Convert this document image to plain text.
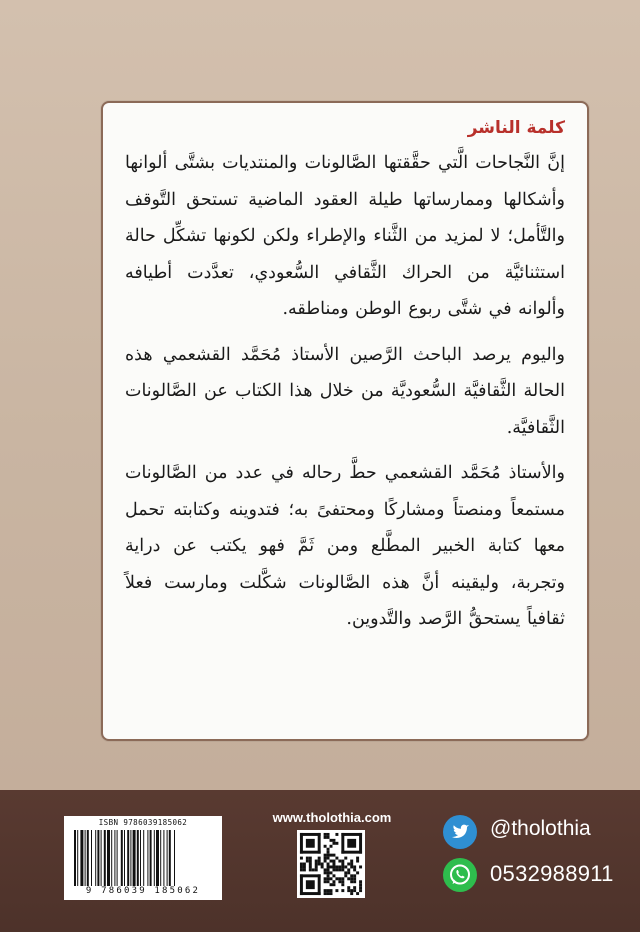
كلمة الناشر

إنَّ النَّجاحات الَّتي حقَّقتها الصَّالونات والمنتديات بشتَّى ألوانها وأشكالها وممارساتها طيلة العقود الماضية تستحق التَّوقف والتَّأمل؛ لا لمزيد من الثَّناء والإطراء ولكن لكونها تشكِّل حالة استثنائيَّة من الحراك الثَّقافي السُّعودي، تعدَّدت أطيافه وألوانه في شتَّى ربوع الوطن ومناطقه.

واليوم يرصد الباحث الرَّصين الأستاذ مُحَمَّد القشعمي هذه الحالة الثَّقافيَّة السُّعوديَّة من خلال هذا الكتاب عن الصَّالونات الثَّقافيَّة.

والأستاذ مُحَمَّد القشعمي حطَّ رحاله في عدد من الصَّالونات مستمعاً ومنصتاً ومشاركًا ومحتفىً به؛ فتدوينه وكتابته تحمل معها كتابة الخبير المطَّلع ومن ثَمَّ فهو يكتب عن دراية وتجربة، وليقينه أنَّ هذه الصَّالونات شكَّلت ومارست فعلاً ثقافياً يستحقُّ الرَّصد والتَّدوين.

ISBN 9786039185062
9 786039 185062
www.tholothia.com	@tholothia
0532988911
